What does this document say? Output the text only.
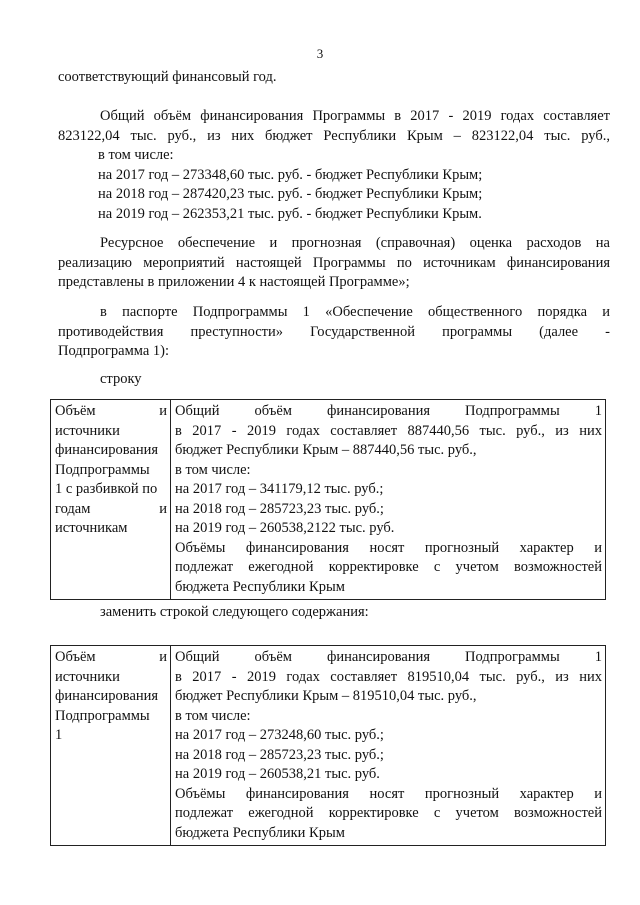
3
соответствующий финансовый год.
Общий объём финансирования Программы в 2017 - 2019 годах составляет
823122,04 тыс. руб., из них бюджет Республики Крым – 823122,04 тыс. руб.,
в том числе:
на 2017 год – 273348,60 тыс. руб. - бюджет Республики Крым;
на 2018 год – 287420,23 тыс. руб. - бюджет Республики Крым;
на 2019 год – 262353,21 тыс. руб. - бюджет Республики Крым.
Ресурсное обеспечение и прогнозная (справочная) оценка расходов на
реализацию мероприятий настоящей Программы по источникам финансирования
представлены в приложении 4 к настоящей Программе»;
в паспорте Подпрограммы 1 «Обеспечение общественного порядка и
противодействия преступности» Государственной программы (далее -
Подпрограмма 1):
строку
Объём	и
источники
финансирования
Подпрограммы
1 с разбивкой по
годам	и
источникам

Общий объём финансирования Подпрограммы 1
в 2017 - 2019 годах составляет 887440,56 тыс. руб., из них
бюджет Республики Крым – 887440,56 тыс. руб.,
в том числе:
на 2017 год – 341179,12 тыс. руб.;
на 2018 год – 285723,23 тыс. руб.;
на 2019 год – 260538,2122 тыс. руб.
Объёмы финансирования носят прогнозный характер и
подлежат ежегодной корректировке с учетом возможностей
бюджета Республики Крым
заменить строкой следующего содержания:
Объём	и
источники
финансирования
Подпрограммы
1

Общий объём финансирования Подпрограммы 1
в 2017 - 2019 годах составляет 819510,04 тыс. руб., из них
бюджет Республики Крым – 819510,04 тыс. руб.,
в том числе:
на 2017 год – 273248,60 тыс. руб.;
на 2018 год – 285723,23 тыс. руб.;
на 2019 год – 260538,21 тыс. руб.
Объёмы финансирования носят прогнозный характер и
подлежат ежегодной корректировке с учетом возможностей
бюджета Республики Крым
